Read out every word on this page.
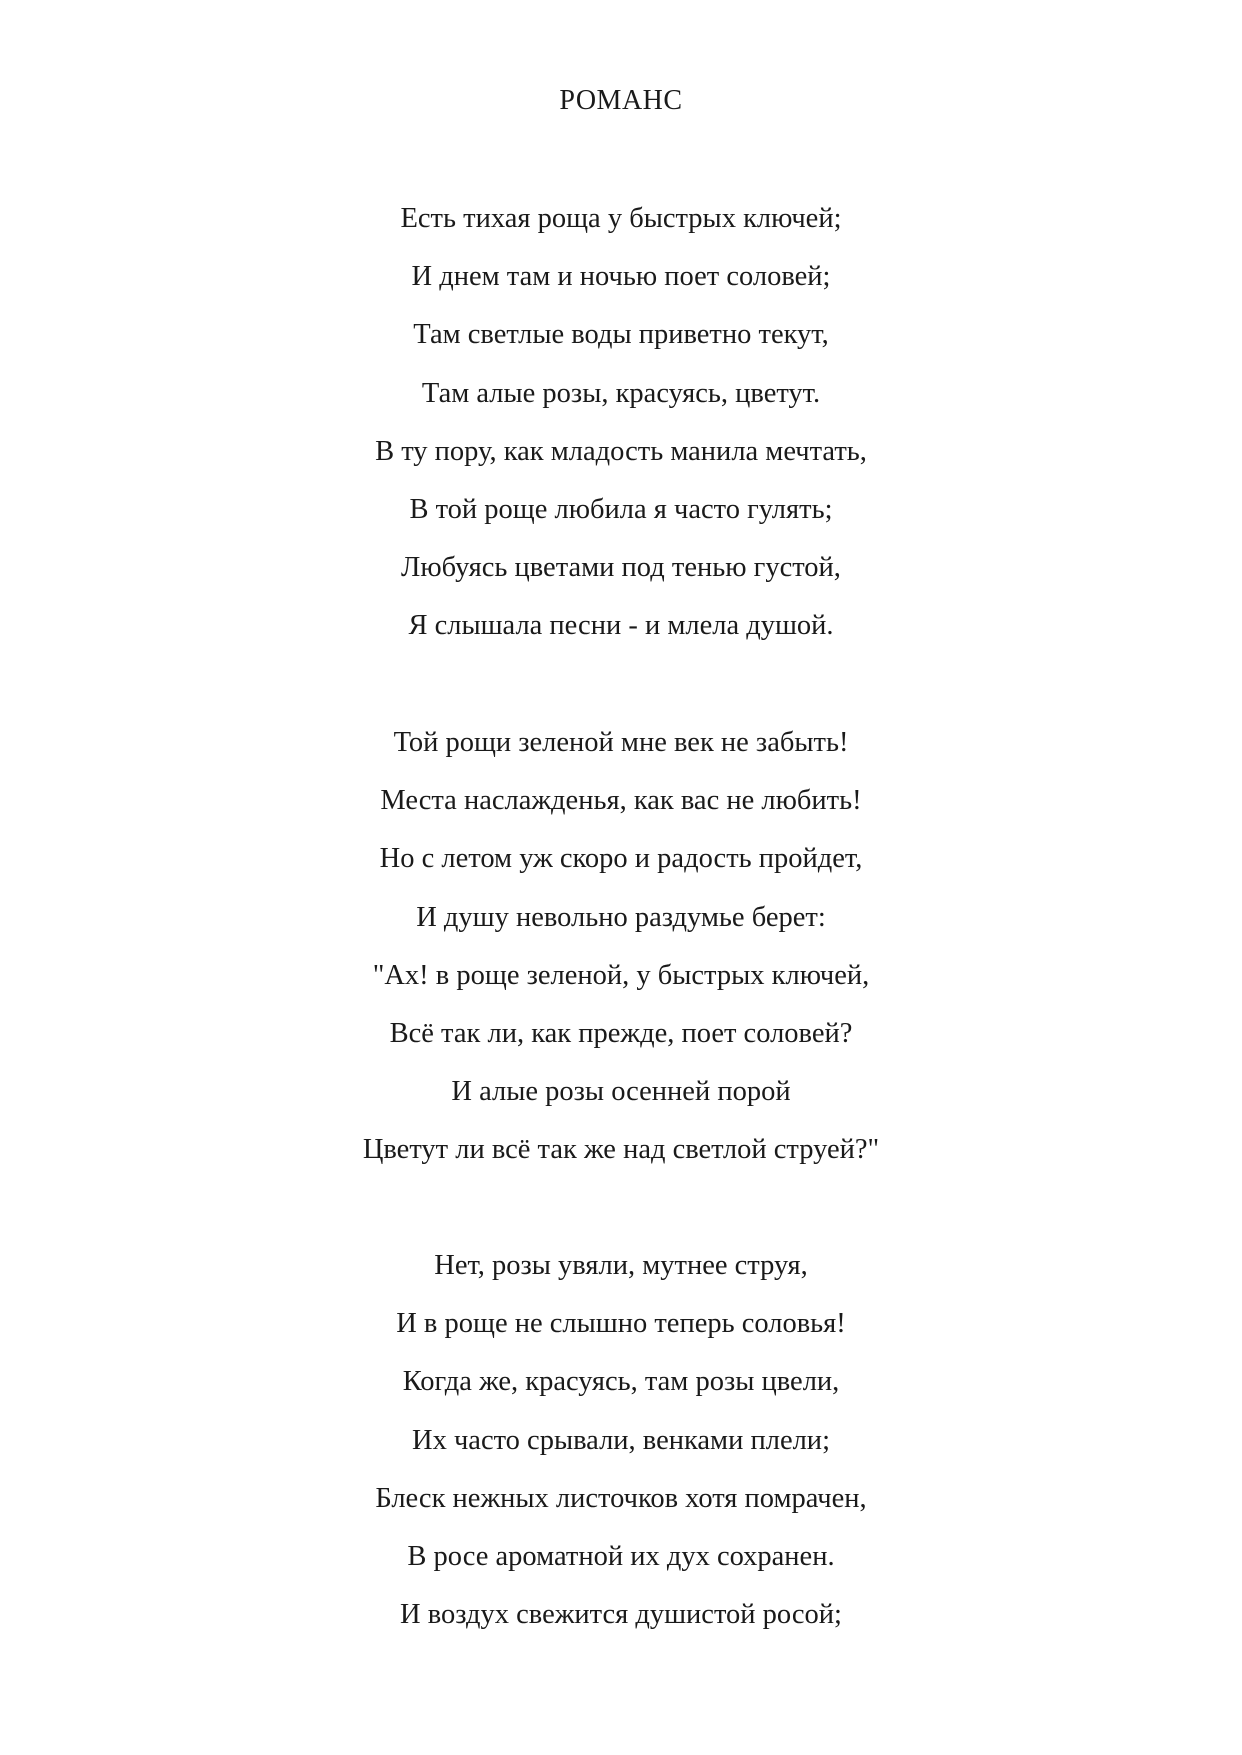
РОМАНС
Есть тихая роща у быстрых ключей;
И днем там и ночью поет соловей;
Там светлые воды приветно текут,
Там алые розы, красуясь, цветут.
В ту пору, как младость манила мечтать,
В той роще любила я часто гулять;
Любуясь цветами под тенью густой,
Я слышала песни - и млела душой.
Той рощи зеленой мне век не забыть!
Места наслажденья, как вас не любить!
Но с летом уж скоро и радость пройдет,
И душу невольно раздумье берет:
"Ах! в роще зеленой, у быстрых ключей,
Всё так ли, как прежде, поет соловей?
И алые розы осенней порой
Цветут ли всё так же над светлой струей?"
Нет, розы увяли, мутнее струя,
И в роще не слышно теперь соловья!
Когда же, красуясь, там розы цвели,
Их часто срывали, венками плели;
Блеск нежных листочков хотя помрачен,
В росе ароматной их дух сохранен.
И воздух свежится душистой росой;
